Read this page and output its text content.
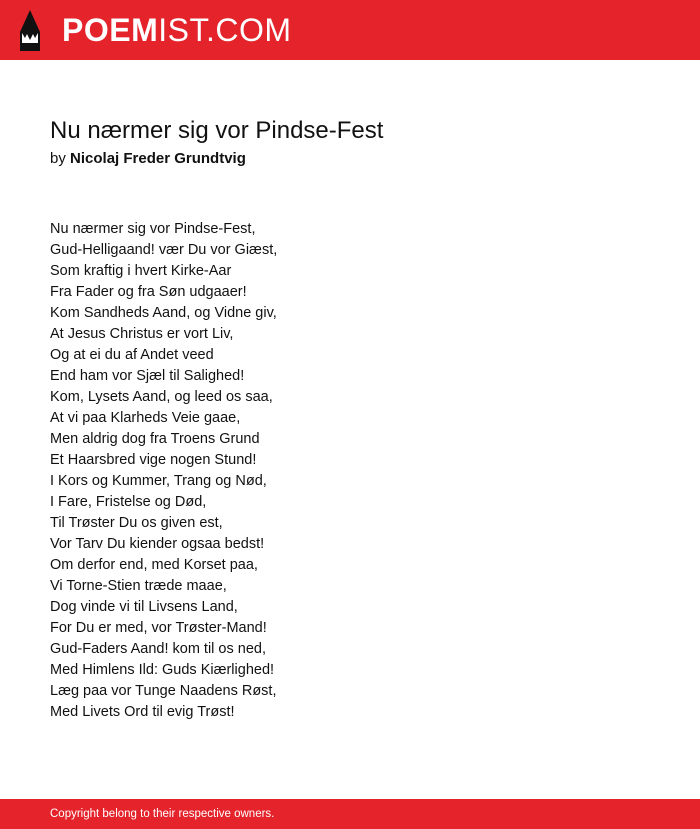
POEMIST.COM
Nu nærmer sig vor Pindse-Fest
by Nicolaj Freder Grundtvig
Nu nærmer sig vor Pindse-Fest,
Gud-Helligaand! vær Du vor Giæst,
Som kraftig i hvert Kirke-Aar
Fra Fader og fra Søn udgaaer!
Kom Sandheds Aand, og Vidne giv,
At Jesus Christus er vort Liv,
Og at ei du af Andet veed
End ham vor Sjæl til Salighed!
Kom, Lysets Aand, og leed os saa,
At vi paa Klarheds Veie gaae,
Men aldrig dog fra Troens Grund
Et Haarsbred vige nogen Stund!
I Kors og Kummer, Trang og Nød,
I Fare, Fristelse og Død,
Til Trøster Du os given est,
Vor Tarv Du kiender ogsaa bedst!
Om derfor end, med Korset paa,
Vi Torne-Stien træde maae,
Dog vinde vi til Livsens Land,
For Du er med, vor Trøster-Mand!
Gud-Faders Aand! kom til os ned,
Med Himlens Ild: Guds Kiærlighed!
Læg paa vor Tunge Naadens Røst,
Med Livets Ord til evig Trøst!
Copyright belong to their respective owners.
